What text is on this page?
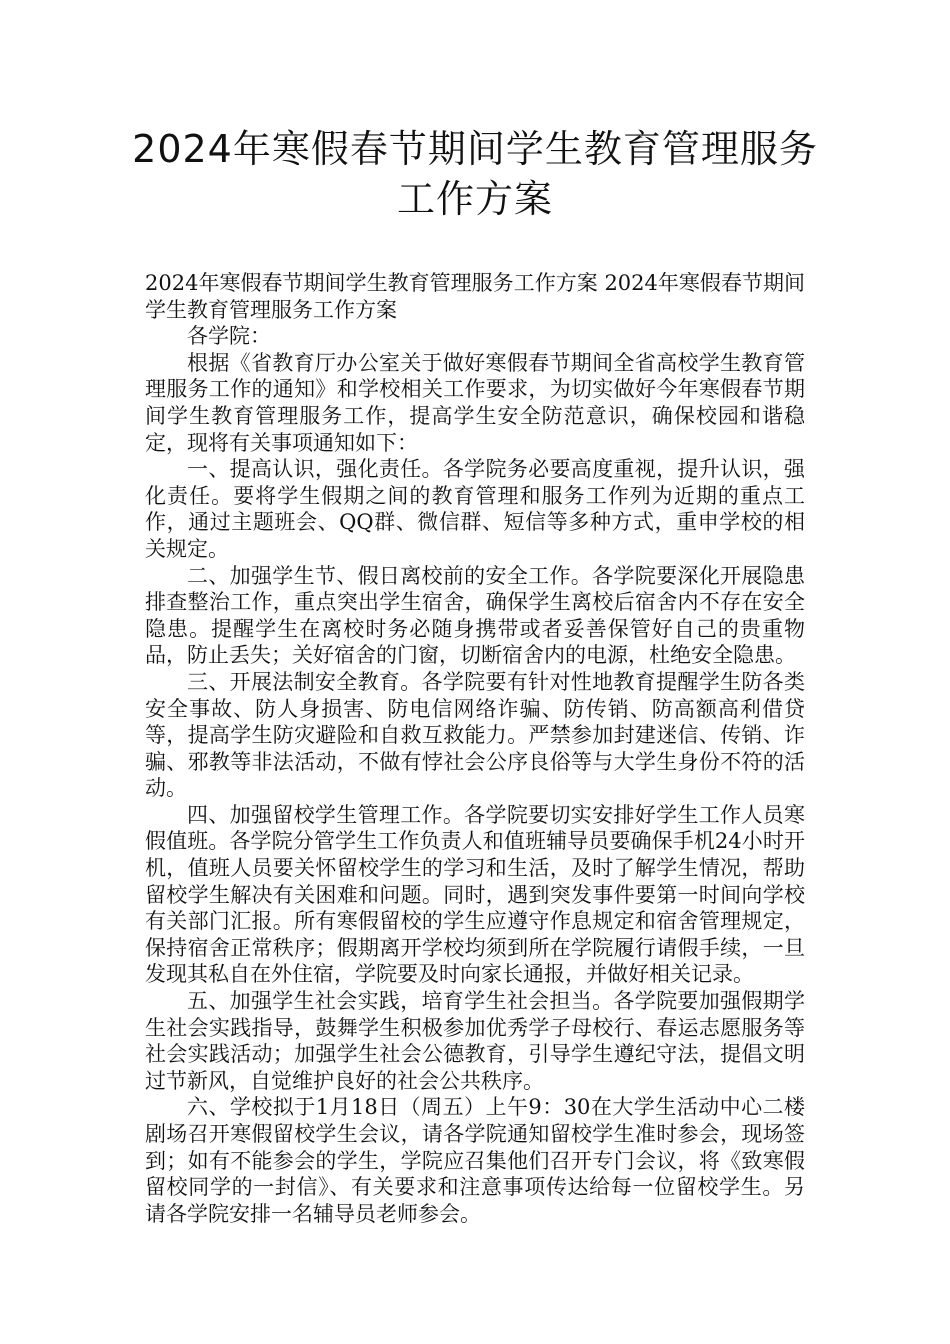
2024年寒假春节期间学生教育管理服务工作方案

2024年寒假春节期间学生教育管理服务工作方案 2024年寒假春节期间学生教育管理服务工作方案

各学院：

根据《省教育厅办公室关于做好寒假春节期间全省高校学生教育管理服务工作的通知》和学校相关工作要求，为切实做好今年寒假春节期间学生教育管理服务工作，提高学生安全防范意识，确保校园和谐稳定，现将有关事项通知如下：

一、提高认识，强化责任。各学院务必要高度重视，提升认识，强化责任。要将学生假期之间的教育管理和服务工作列为近期的重点工作，通过主题班会、QQ群、微信群、短信等多种方式，重申学校的相关规定。

二、加强学生节、假日离校前的安全工作。各学院要深化开展隐患排查整治工作，重点突出学生宿舍，确保学生离校后宿舍内不存在安全隐患。提醒学生在离校时务必随身携带或者妥善保管好自己的贵重物品，防止丢失；关好宿舍的门窗，切断宿舍内的电源，杜绝安全隐患。

三、开展法制安全教育。各学院要有针对性地教育提醒学生防各类安全事故、防人身损害、防电信网络诈骗、防传销、防高额高利借贷等，提高学生防灾避险和自救互救能力。严禁参加封建迷信、传销、诈骗、邪教等非法活动，不做有悖社会公序良俗等与大学生身份不符的活动。

四、加强留校学生管理工作。各学院要切实安排好学生工作人员寒假值班。各学院分管学生工作负责人和值班辅导员要确保手机24小时开机，值班人员要关怀留校学生的学习和生活，及时了解学生情况，帮助留校学生解决有关困难和问题。同时，遇到突发事件要第一时间向学校有关部门汇报。所有寒假留校的学生应遵守作息规定和宿舍管理规定，保持宿舍正常秩序；假期离开学校均须到所在学院履行请假手续，一旦发现其私自在外住宿，学院要及时向家长通报，并做好相关记录。

五、加强学生社会实践，培育学生社会担当。各学院要加强假期学生社会实践指导，鼓舞学生积极参加优秀学子母校行、春运志愿服务等社会实践活动；加强学生社会公德教育，引导学生遵纪守法，提倡文明过节新风，自觉维护良好的社会公共秩序。

六、学校拟于1月18日（周五）上午9：30在大学生活动中心二楼剧场召开寒假留校学生会议，请各学院通知留校学生准时参会，现场签到；如有不能参会的学生，学院应召集他们召开专门会议，将《致寒假留校同学的一封信》、有关要求和注意事项传达给每一位留校学生。另请各学院安排一名辅导员老师参会。
